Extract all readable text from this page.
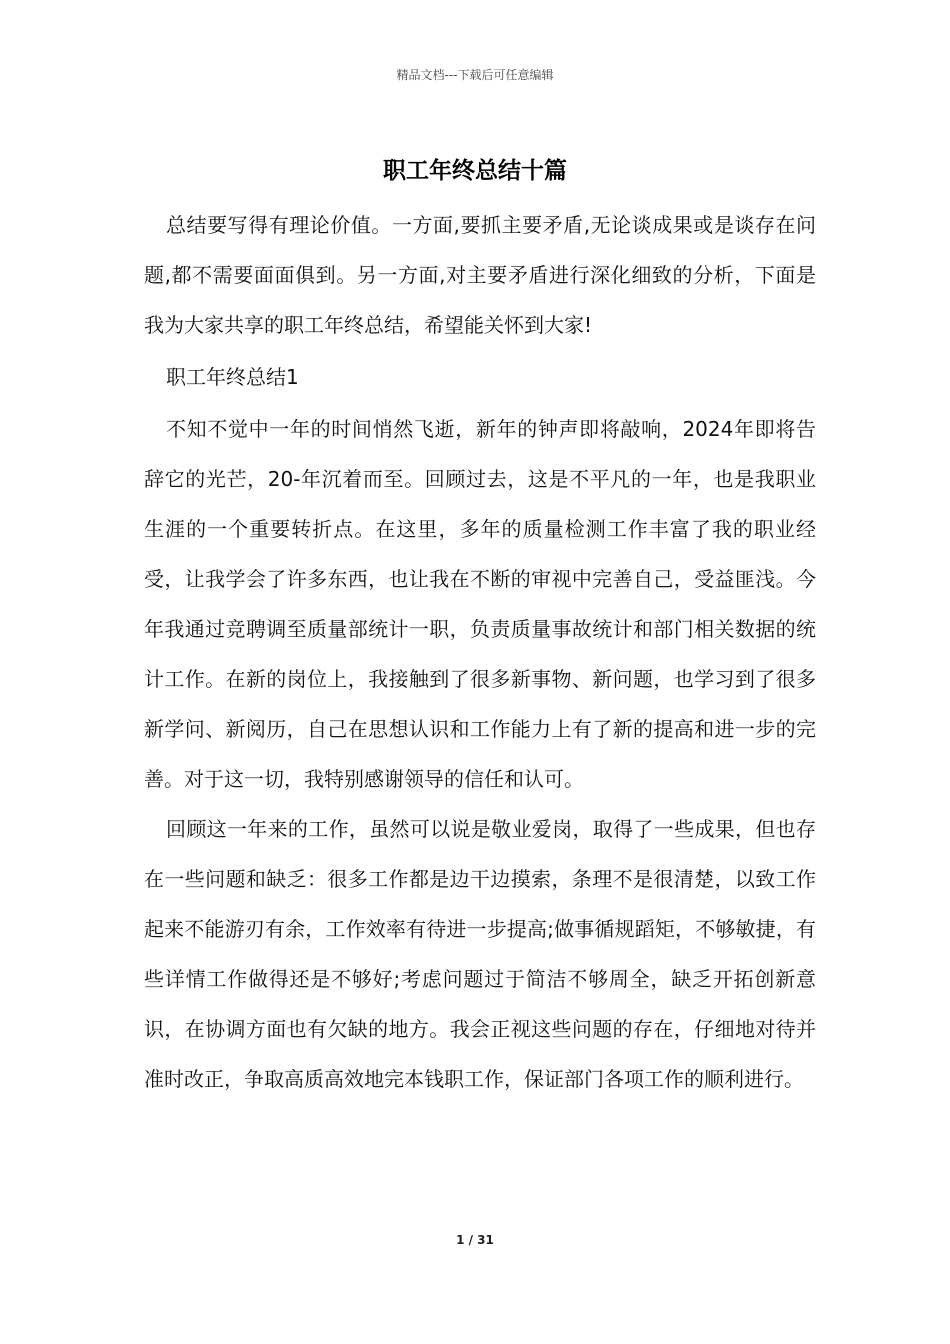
精品文档---下载后可任意编辑
职工年终总结十篇

总结要写得有理论价值。一方面,要抓主要矛盾,无论谈成果或是谈存在问题,都不需要面面俱到。另一方面,对主要矛盾进行深化细致的分析，下面是我为大家共享的职工年终总结，希望能关怀到大家!

职工年终总结1

不知不觉中一年的时间悄然飞逝，新年的钟声即将敲响，2024年即将告辞它的光芒，20-年沉着而至。回顾过去，这是不平凡的一年，也是我职业生涯的一个重要转折点。在这里，多年的质量检测工作丰富了我的职业经受，让我学会了许多东西，也让我在不断的审视中完善自己，受益匪浅。今年我通过竞聘调至质量部统计一职，负责质量事故统计和部门相关数据的统计工作。在新的岗位上，我接触到了很多新事物、新问题，也学习到了很多新学问、新阅历，自己在思想认识和工作能力上有了新的提高和进一步的完善。对于这一切，我特别感谢领导的信任和认可。

回顾这一年来的工作，虽然可以说是敬业爱岗，取得了一些成果，但也存在一些问题和缺乏：很多工作都是边干边摸索，条理不是很清楚，以致工作起来不能游刃有余，工作效率有待进一步提高;做事循规蹈矩，不够敏捷，有些详情工作做得还是不够好;考虑问题过于简洁不够周全，缺乏开拓创新意识，在协调方面也有欠缺的地方。我会正视这些问题的存在，仔细地对待并准时改正，争取高质高效地完本钱职工作，保证部门各项工作的顺利进行。

1 / 31
